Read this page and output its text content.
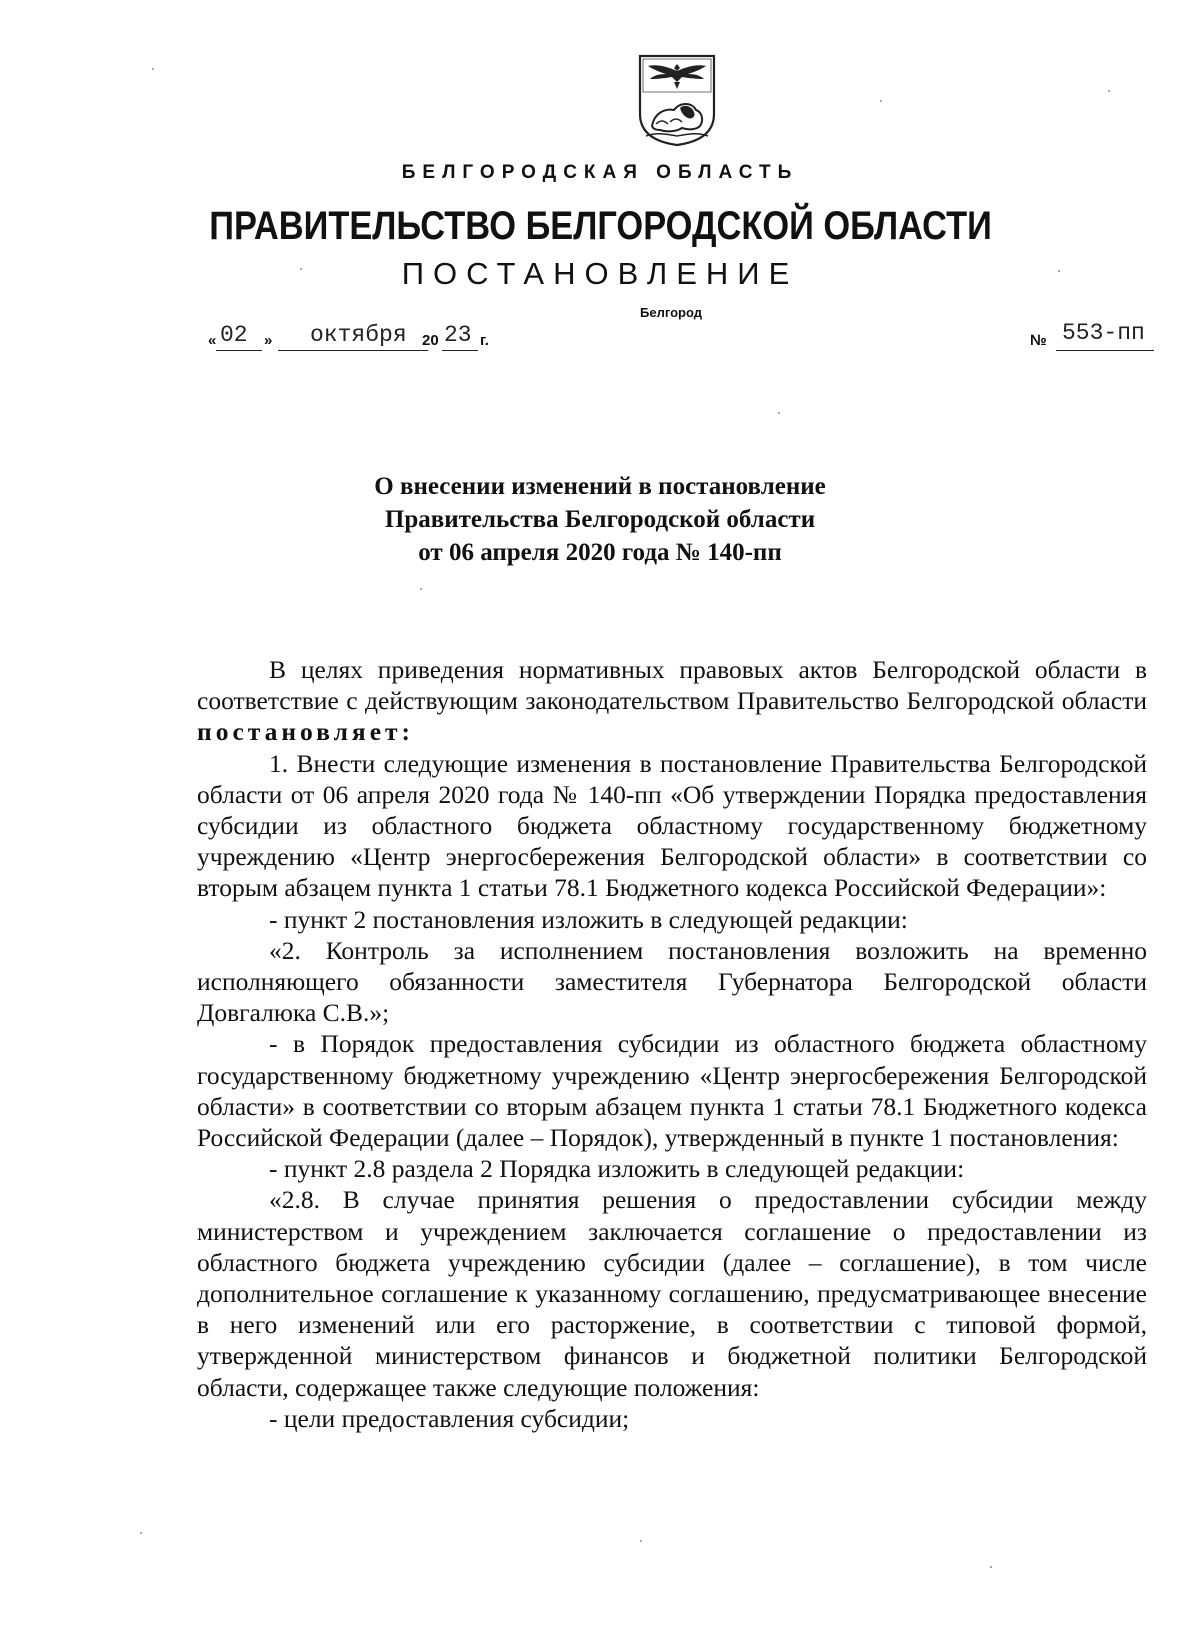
БЕЛГОРОДСКАЯ ОБЛАСТЬ
ПРАВИТЕЛЬСТВО БЕЛГОРОДСКОЙ ОБЛАСТИ
ПОСТАНОВЛЕНИЕ
Белгород
« 02 » октября 20 23 г.	№ 553-пп
О внесении изменений в постановление
Правительства Белгородской области
от 06 апреля 2020 года № 140-пп

В целях приведения нормативных правовых актов Белгородской области в соответствие с действующим законодательством Правительство Белгородской области постановляет:

1. Внести следующие изменения в постановление Правительства Белгородской области от 06 апреля 2020 года № 140-пп «Об утверждении Порядка предоставления субсидии из областного бюджета областному государственному бюджетному учреждению «Центр энергосбережения Белгородской области» в соответствии со вторым абзацем пункта 1 статьи 78.1 Бюджетного кодекса Российской Федерации»:

- пункт 2 постановления изложить в следующей редакции:

«2. Контроль за исполнением постановления возложить на временно исполняющего обязанности заместителя Губернатора Белгородской области Довгалюка С.В.»;

- в Порядок предоставления субсидии из областного бюджета областному государственному бюджетному учреждению «Центр энергосбережения Белгородской области» в соответствии со вторым абзацем пункта 1 статьи 78.1 Бюджетного кодекса Российской Федерации (далее – Порядок), утвержденный в пункте 1 постановления:

- пункт 2.8 раздела 2 Порядка изложить в следующей редакции:

«2.8. В случае принятия решения о предоставлении субсидии между министерством и учреждением заключается соглашение о предоставлении из областного бюджета учреждению субсидии (далее – соглашение), в том числе дополнительное соглашение к указанному соглашению, предусматривающее внесение в него изменений или его расторжение, в соответствии с типовой формой, утвержденной министерством финансов и бюджетной политики Белгородской области, содержащее также следующие положения:

- цели предоставления субсидии;
